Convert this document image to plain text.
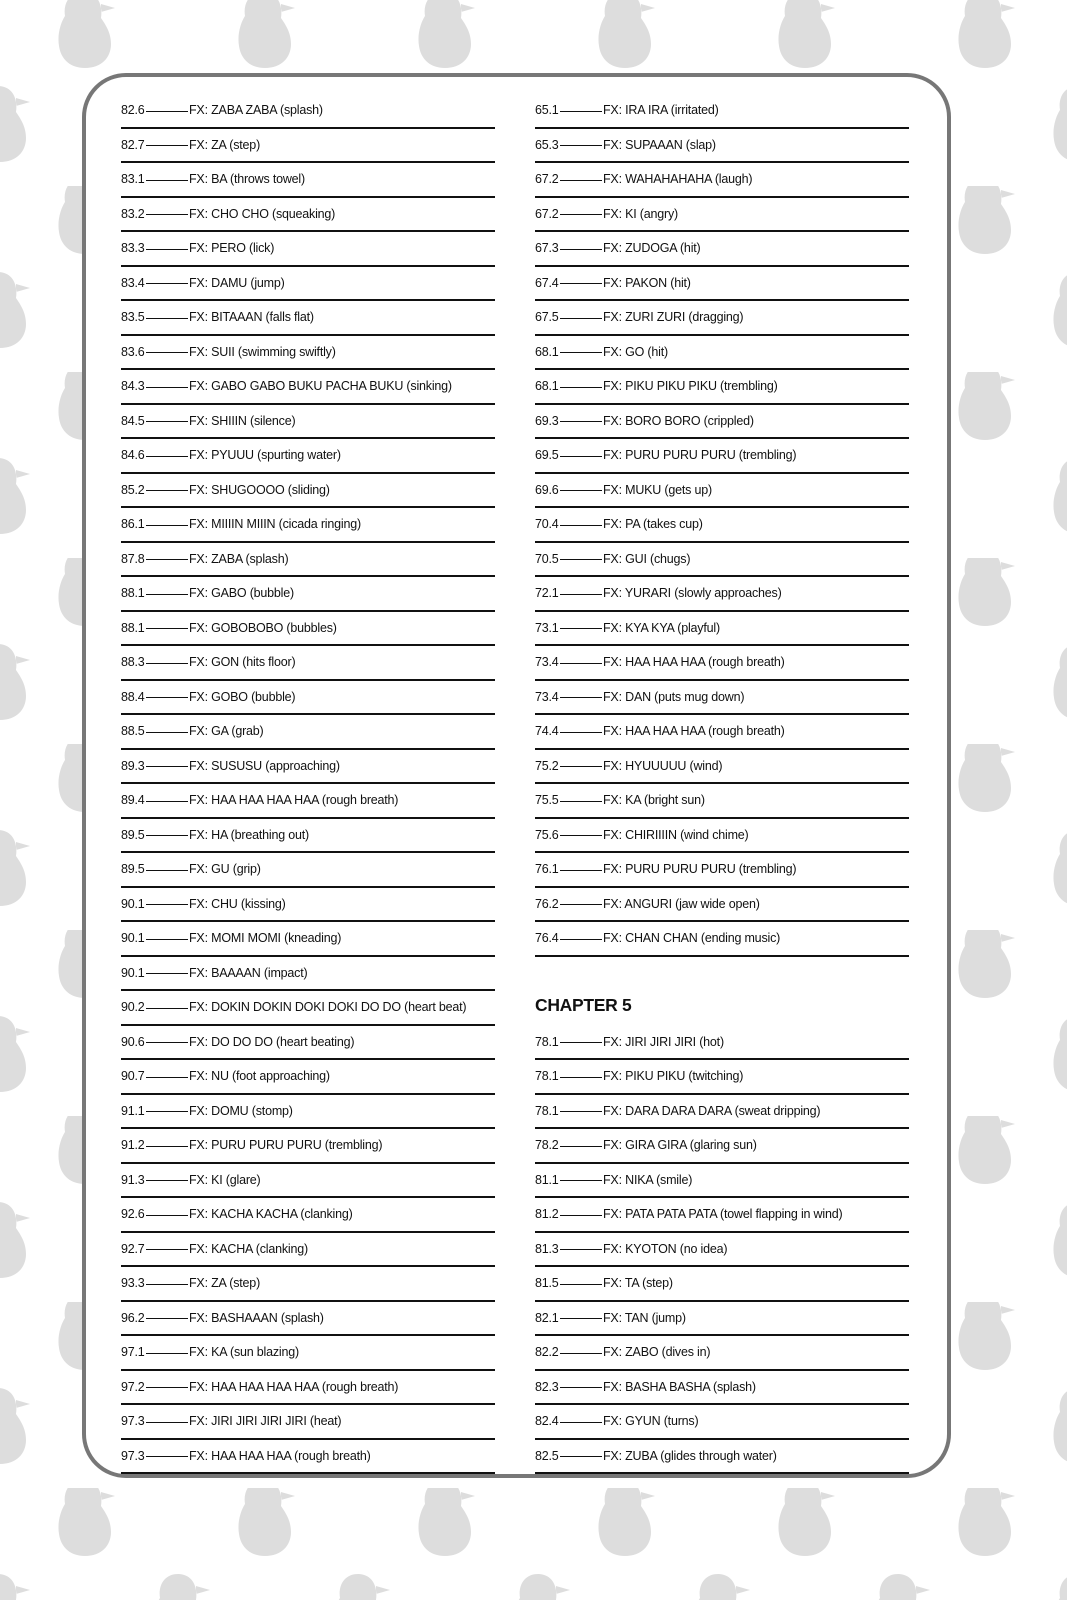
82.6	FX: ZABA ZABA (splash)
82.7	FX: ZA (step)
83.1	FX: BA (throws towel)
83.2	FX: CHO CHO (squeaking)
83.3	FX: PERO (lick)
83.4	FX: DAMU (jump)
83.5	FX: BITAAAN (falls flat)
83.6	FX: SUII (swimming swiftly)
84.3	FX: GABO GABO BUKU PACHA BUKU (sinking)
84.5	FX: SHIIIN (silence)
84.6	FX: PYUUU (spurting water)
85.2	FX: SHUGOOOO (sliding)
86.1	FX: MIIIIN MIIIN (cicada ringing)
87.8	FX: ZABA (splash)
88.1	FX: GABO (bubble)
88.1	FX: GOBOBOBO (bubbles)
88.3	FX: GON (hits floor)
88.4	FX: GOBO (bubble)
88.5	FX: GA (grab)
89.3	FX: SUSUSU (approaching)
89.4	FX: HAA HAA HAA HAA (rough breath)
89.5	FX: HA (breathing out)
89.5	FX: GU (grip)
90.1	FX: CHU (kissing)
90.1	FX: MOMI MOMI (kneading)
90.1	FX: BAAAAN (impact)
90.2	FX: DOKIN DOKIN DOKI DOKI DO DO (heart beat)
90.6	FX: DO DO DO (heart beating)
90.7	FX: NU (foot approaching)
91.1	FX: DOMU (stomp)
91.2	FX: PURU PURU PURU (trembling)
91.3	FX: KI (glare)
92.6	FX: KACHA KACHA (clanking)
92.7	FX: KACHA (clanking)
93.3	FX: ZA (step)
96.2	FX: BASHAAAN (splash)
97.1	FX: KA (sun blazing)
97.2	FX: HAA HAA HAA HAA (rough breath)
97.3	FX: JIRI JIRI JIRI JIRI (heat)
97.3	FX: HAA HAA HAA (rough breath)
65.1	FX: IRA IRA (irritated)
65.3	FX: SUPAAAN (slap)
67.2	FX: WAHAHAHAHA (laugh)
67.2	FX: KI (angry)
67.3	FX: ZUDOGA (hit)
67.4	FX: PAKON (hit)
67.5	FX: ZURI ZURI (dragging)
68.1	FX: GO (hit)
68.1	FX: PIKU PIKU PIKU (trembling)
69.3	FX: BORO BORO (crippled)
69.5	FX: PURU PURU PURU (trembling)
69.6	FX: MUKU (gets up)
70.4	FX: PA (takes cup)
70.5	FX: GUI (chugs)
72.1	FX: YURARI (slowly approaches)
73.1	FX: KYA KYA (playful)
73.4	FX: HAA HAA HAA (rough breath)
73.4	FX: DAN (puts mug down)
74.4	FX: HAA HAA HAA (rough breath)
75.2	FX: HYUUUUU (wind)
75.5	FX: KA (bright sun)
75.6	FX: CHIRIIIIN (wind chime)
76.1	FX: PURU PURU PURU (trembling)
76.2	FX: ANGURI (jaw wide open)
76.4	FX: CHAN CHAN (ending music)
CHAPTER 5
78.1	FX: JIRI JIRI JIRI (hot)
78.1	FX: PIKU PIKU (twitching)
78.1	FX: DARA DARA DARA (sweat dripping)
78.2	FX: GIRA GIRA (glaring sun)
81.1	FX: NIKA (smile)
81.2	FX: PATA PATA PATA (towel flapping in wind)
81.3	FX: KYOTON (no idea)
81.5	FX: TA (step)
82.1	FX: TAN (jump)
82.2	FX: ZABO (dives in)
82.3	FX: BASHA BASHA (splash)
82.4	FX: GYUN (turns)
82.5	FX: ZUBA (glides through water)
